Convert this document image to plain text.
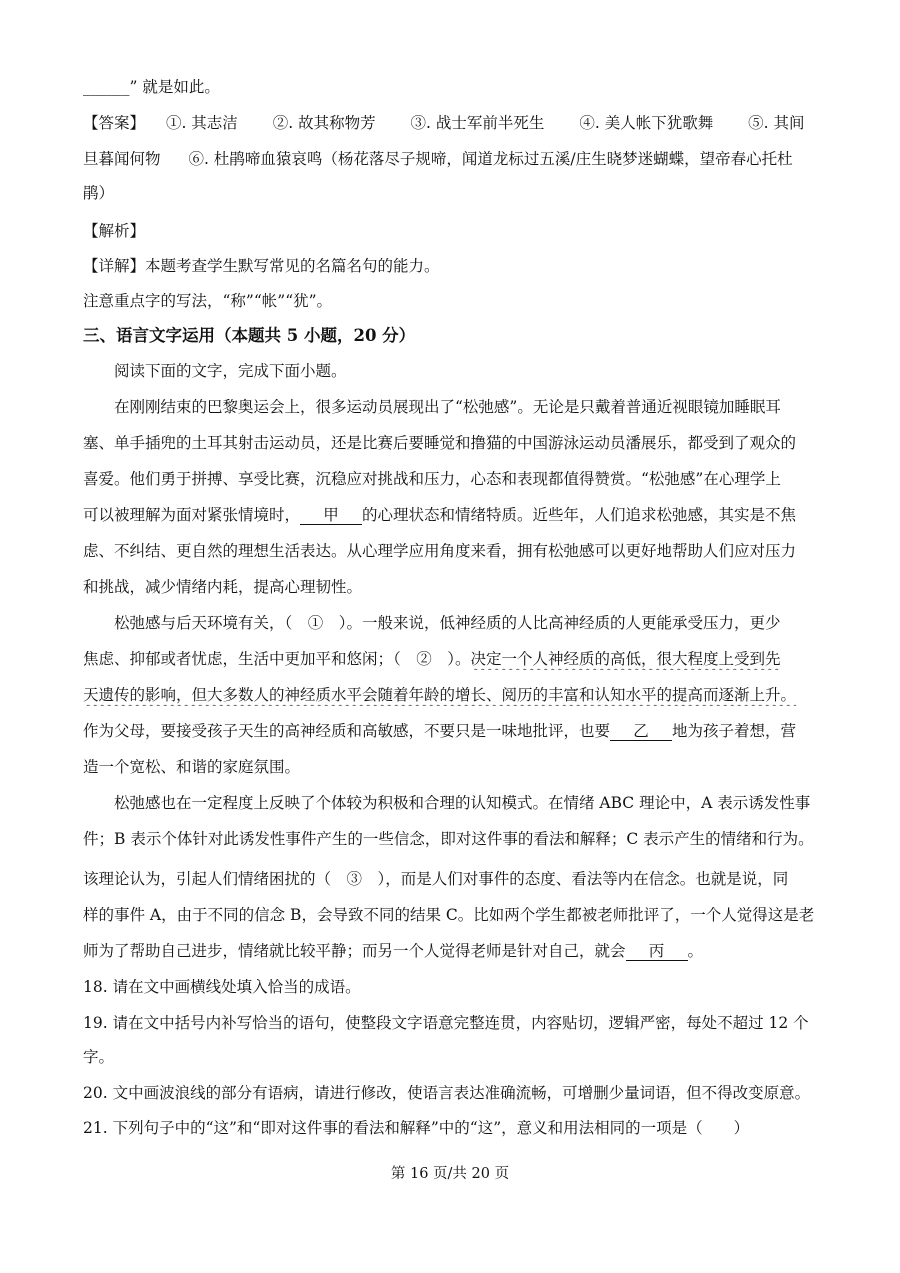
______” 就是如此。
【答案】 ①. 其志洁 ②. 故其称物芳 ③. 战士军前半死生 ④. 美人帐下犹歌舞 ⑤. 其间
旦暮闻何物 ⑥. 杜鹃啼血猿哀鸣（杨花落尽子规啼，闻道龙标过五溪/庄生晓梦迷蝴蝶，望帝春心托杜
鹃）
【解析】
【详解】本题考查学生默写常见的名篇名句的能力。
注意重点字的写法，“称”“帐”“犹”。
三、语言文字运用（本题共 5 小题，20 分）
阅读下面的文字，完成下面小题。
在刚刚结束的巴黎奥运会上，很多运动员展现出了“松弛感”。无论是只戴着普通近视眼镜加睡眠耳
塞、单手插兜的土耳其射击运动员，还是比赛后要睡觉和撸猫的中国游泳运动员潘展乐，都受到了观众的
喜爱。他们勇于拼搏、享受比赛，沉稳应对挑战和压力，心态和表现都值得赞赏。“松弛感”在心理学上
可以被理解为面对紧张情境时， 甲 的心理状态和情绪特质。近些年，人们追求松弛感，其实是不焦
虑、不纠结、更自然的理想生活表达。从心理学应用角度来看，拥有松弛感可以更好地帮助人们应对压力
和挑战，减少情绪内耗，提高心理韧性。
松弛感与后天环境有关，（　①　）。一般来说，低神经质的人比高神经质的人更能承受压力，更少
焦虑、抑郁或者忧虑，生活中更加平和悠闲；（　②　）。决定一个人神经质的高低，很大程度上受到先
天遗传的影响，但大多数人的神经质水平会随着年龄的增长、阅历的丰富和认知水平的提高而逐渐上升。
作为父母，要接受孩子天生的高神经质和高敏感，不要只是一味地批评，也要 乙 地为孩子着想，营
造一个宽松、和谐的家庭氛围。
松弛感也在一定程度上反映了个体较为积极和合理的认知模式。在情绪 ABC 理论中，A 表示诱发性事
件；B 表示个体针对此诱发性事件产生的一些信念，即对这件事的看法和解释；C 表示产生的情绪和行为。
该理论认为，引起人们情绪困扰的（　③　），而是人们对事件的态度、看法等内在信念。也就是说，同
样的事件 A，由于不同的信念 B，会导致不同的结果 C。比如两个学生都被老师批评了，一个人觉得这是老
师为了帮助自己进步，情绪就比较平静；而另一个人觉得老师是针对自己，就会 丙 。
18. 请在文中画横线处填入恰当的成语。
19. 请在文中括号内补写恰当的语句，使整段文字语意完整连贯，内容贴切，逻辑严密，每处不超过 12 个
字。
20. 文中画波浪线的部分有语病，请进行修改，使语言表达准确流畅，可增删少量词语，但不得改变原意。
21. 下列句子中的“这”和“即对这件事的看法和解释”中的“这”，意义和用法相同的一项是（　　）
第 16 页/共 20 页
